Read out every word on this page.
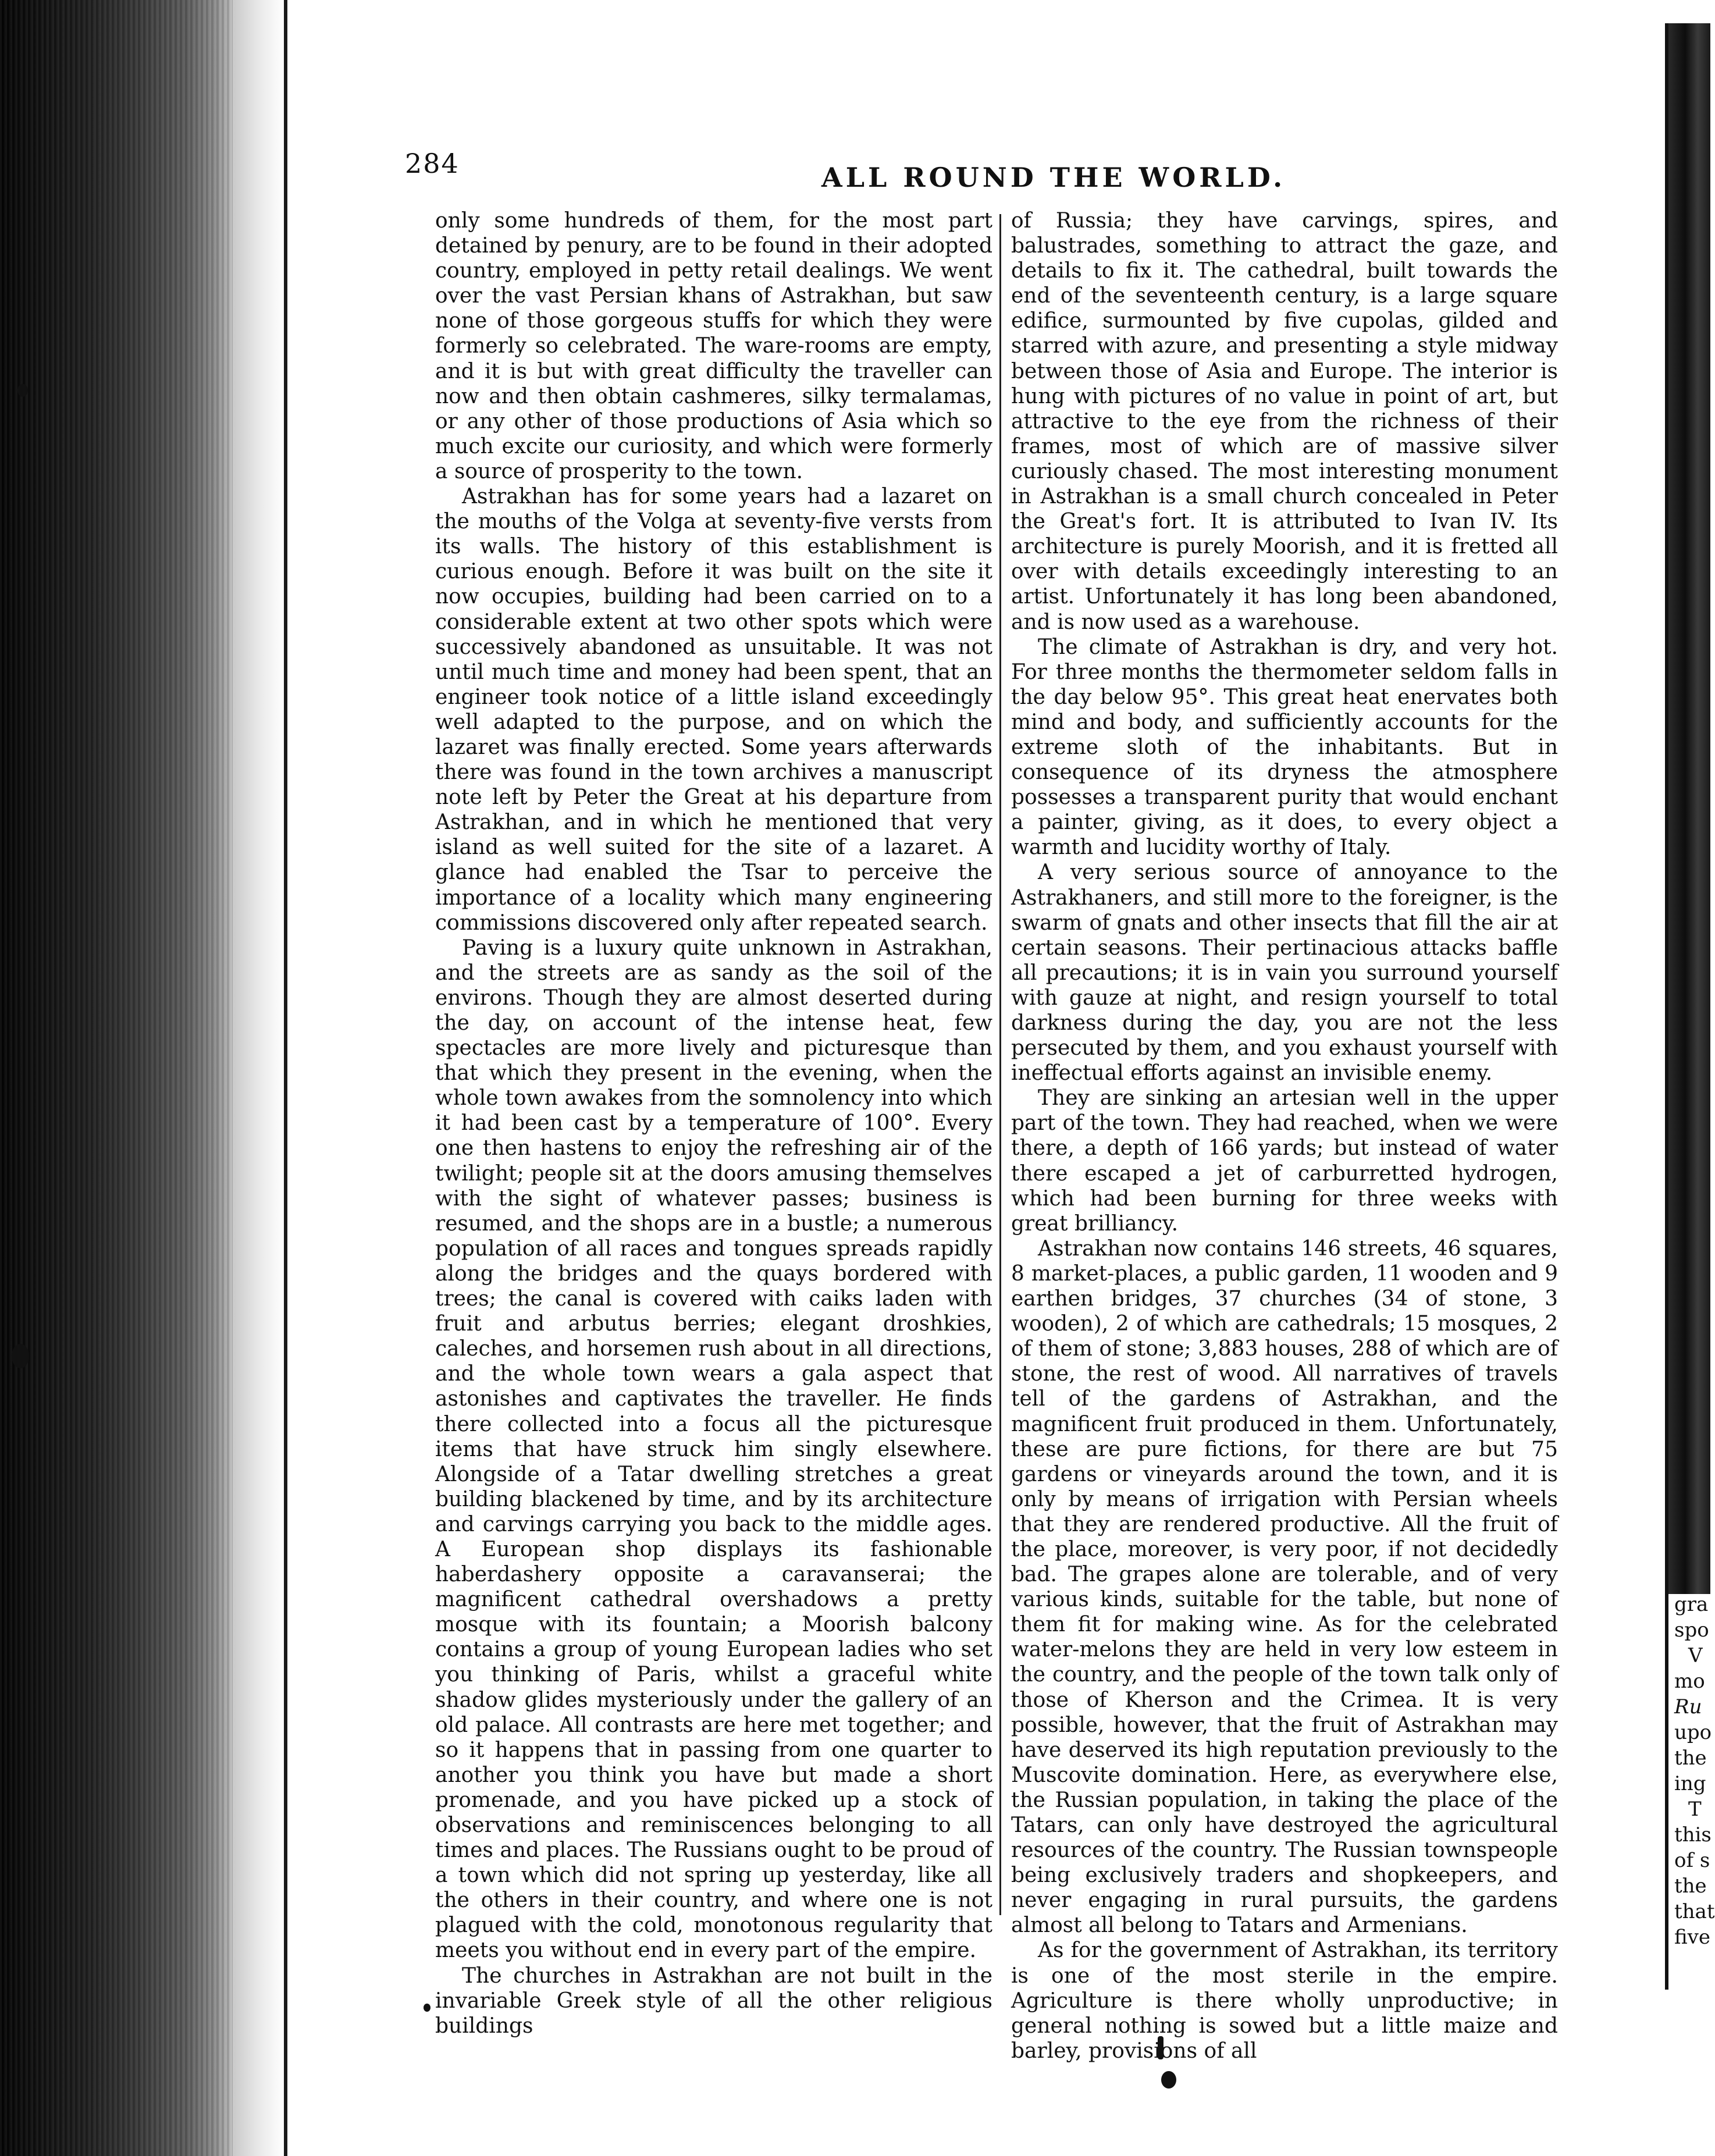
gra
spo
V
mo
Ru
upo
the
ing
T
this
of s
the
that
five
284	ALL ROUND THE WORLD.

only some hundreds of them, for the most part detained by penury, are to be found in their adopted country, employed in petty retail dealings. We went over the vast Persian khans of Astrakhan, but saw none of those gorgeous stuffs for which they were formerly so celebrated. The ware-rooms are empty, and it is but with great difficulty the traveller can now and then obtain cashmeres, silky termalamas, or any other of those productions of Asia which so much excite our curiosity, and which were formerly a source of prosperity to the town.

Astrakhan has for some years had a lazaret on the mouths of the Volga at seventy-five versts from its walls. The history of this establishment is curious enough. Before it was built on the site it now occupies, building had been carried on to a considerable extent at two other spots which were successively abandoned as unsuitable. It was not until much time and money had been spent, that an engineer took notice of a little island exceedingly well adapted to the purpose, and on which the lazaret was finally erected. Some years afterwards there was found in the town archives a manuscript note left by Peter the Great at his departure from Astrakhan, and in which he mentioned that very island as well suited for the site of a lazaret. A glance had enabled the Tsar to perceive the importance of a locality which many engineering commissions discovered only after repeated search.

Paving is a luxury quite unknown in Astrakhan, and the streets are as sandy as the soil of the environs. Though they are almost deserted during the day, on account of the intense heat, few spectacles are more lively and picturesque than that which they present in the evening, when the whole town awakes from the somnolency into which it had been cast by a temperature of 100°. Every one then hastens to enjoy the refreshing air of the twilight; people sit at the doors amusing themselves with the sight of whatever passes; business is resumed, and the shops are in a bustle; a numerous population of all races and tongues spreads rapidly along the bridges and the quays bordered with trees; the canal is covered with caiks laden with fruit and arbutus berries; elegant droshkies, caleches, and horsemen rush about in all directions, and the whole town wears a gala aspect that astonishes and captivates the traveller. He finds there collected into a focus all the picturesque items that have struck him singly elsewhere. Alongside of a Tatar dwelling stretches a great building blackened by time, and by its architecture and carvings carrying you back to the middle ages. A European shop displays its fashionable haberdashery opposite a caravanserai; the magnificent cathedral overshadows a pretty mosque with its fountain; a Moorish balcony contains a group of young European ladies who set you thinking of Paris, whilst a graceful white shadow glides mysteriously under the gallery of an old palace. All contrasts are here met together; and so it happens that in passing from one quarter to another you think you have but made a short promenade, and you have picked up a stock of observations and reminiscences belonging to all times and places. The Russians ought to be proud of a town which did not spring up yesterday, like all the others in their country, and where one is not plagued with the cold, monotonous regularity that meets you without end in every part of the empire.

The churches in Astrakhan are not built in the invariable Greek style of all the other religious buildings

of Russia; they have carvings, spires, and balustrades, something to attract the gaze, and details to fix it. The cathedral, built towards the end of the seventeenth century, is a large square edifice, surmounted by five cupolas, gilded and starred with azure, and presenting a style midway between those of Asia and Europe. The interior is hung with pictures of no value in point of art, but attractive to the eye from the richness of their frames, most of which are of massive silver curiously chased. The most interesting monument in Astrakhan is a small church concealed in Peter the Great's fort. It is attributed to Ivan IV. Its architecture is purely Moorish, and it is fretted all over with details exceedingly interesting to an artist. Unfortunately it has long been abandoned, and is now used as a warehouse.

The climate of Astrakhan is dry, and very hot. For three months the thermometer seldom falls in the day below 95°. This great heat enervates both mind and body, and sufficiently accounts for the extreme sloth of the inhabitants. But in consequence of its dryness the atmosphere possesses a transparent purity that would enchant a painter, giving, as it does, to every object a warmth and lucidity worthy of Italy.

A very serious source of annoyance to the Astrakhaners, and still more to the foreigner, is the swarm of gnats and other insects that fill the air at certain seasons. Their pertinacious attacks baffle all precautions; it is in vain you surround yourself with gauze at night, and resign yourself to total darkness during the day, you are not the less persecuted by them, and you exhaust yourself with ineffectual efforts against an invisible enemy.

They are sinking an artesian well in the upper part of the town. They had reached, when we were there, a depth of 166 yards; but instead of water there escaped a jet of carburretted hydrogen, which had been burning for three weeks with great brilliancy.

Astrakhan now contains 146 streets, 46 squares, 8 market-places, a public garden, 11 wooden and 9 earthen bridges, 37 churches (34 of stone, 3 wooden), 2 of which are cathedrals; 15 mosques, 2 of them of stone; 3,883 houses, 288 of which are of stone, the rest of wood. All narratives of travels tell of the gardens of Astrakhan, and the magnificent fruit produced in them. Unfortunately, these are pure fictions, for there are but 75 gardens or vineyards around the town, and it is only by means of irrigation with Persian wheels that they are rendered productive. All the fruit of the place, moreover, is very poor, if not decidedly bad. The grapes alone are tolerable, and of very various kinds, suitable for the table, but none of them fit for making wine. As for the celebrated water-melons they are held in very low esteem in the country, and the people of the town talk only of those of Kherson and the Crimea. It is very possible, however, that the fruit of Astrakhan may have deserved its high reputation previously to the Muscovite domination. Here, as everywhere else, the Russian population, in taking the place of the Tatars, can only have destroyed the agricultural resources of the country. The Russian townspeople being exclusively traders and shopkeepers, and never engaging in rural pursuits, the gardens almost all belong to Tatars and Armenians.

As for the government of Astrakhan, its territory is one of the most sterile in the empire. Agriculture is there wholly unproductive; in general nothing is sowed but a little maize and barley, provisions of all
